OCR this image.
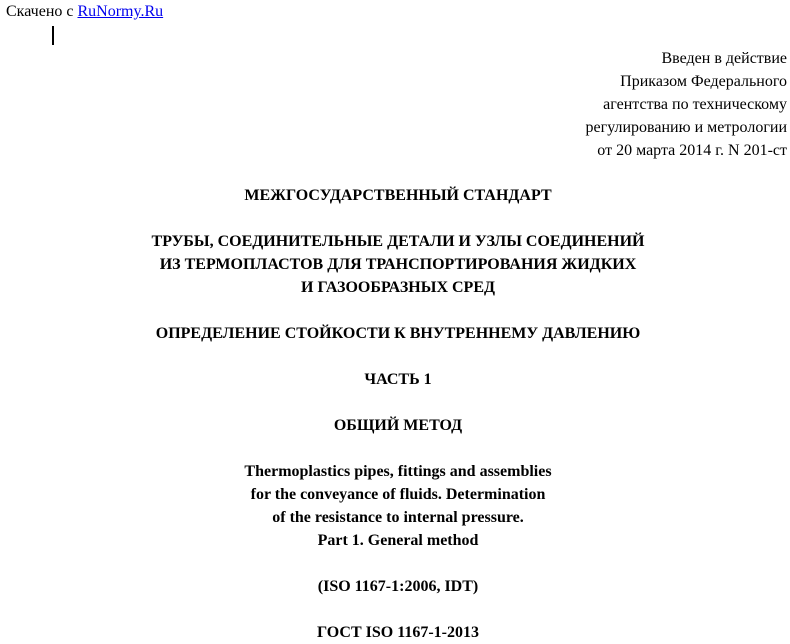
Скачено с RuNormy.Ru
Введен в действие
Приказом Федерального
агентства по техническому
регулированию и метрологии
от 20 марта 2014 г. N 201-ст
МЕЖГОСУДАРСТВЕННЫЙ СТАНДАРТ
ТРУБЫ, СОЕДИНИТЕЛЬНЫЕ ДЕТАЛИ И УЗЛЫ СОЕДИНЕНИЙ
ИЗ ТЕРМОПЛАСТОВ ДЛЯ ТРАНСПОРТИРОВАНИЯ ЖИДКИХ
И ГАЗООБРАЗНЫХ СРЕД
ОПРЕДЕЛЕНИЕ СТОЙКОСТИ К ВНУТРЕННЕМУ ДАВЛЕНИЮ
ЧАСТЬ 1
ОБЩИЙ МЕТОД
Thermoplastics pipes, fittings and assemblies
for the conveyance of fluids. Determination
of the resistance to internal pressure.
Part 1. General method
(ISO 1167-1:2006, IDT)
ГОСТ ISO 1167-1-2013
